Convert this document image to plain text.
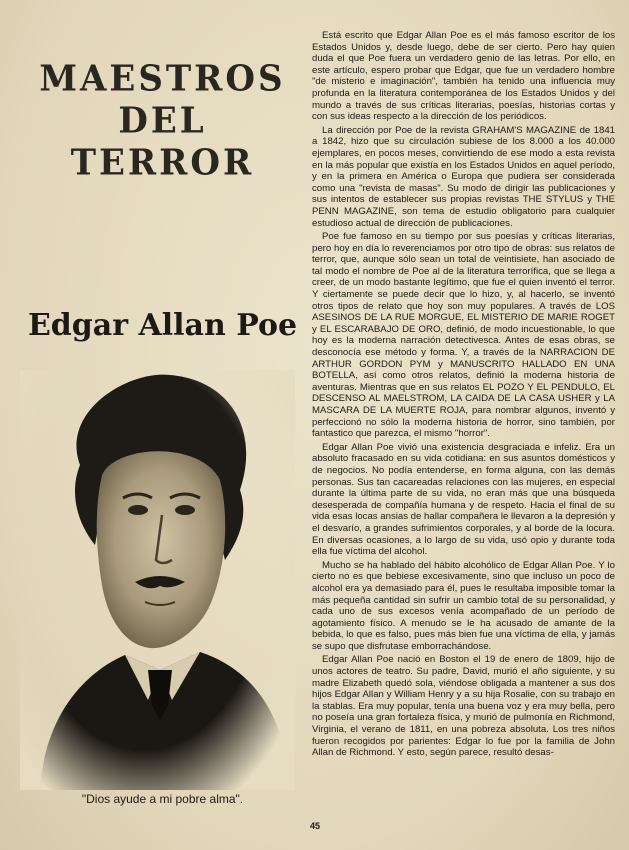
MAESTROS
DEL
TERROR
Edgar Allan Poe
"Dios ayude a mi pobre alma".

Está escrito que Edgar Allan Poe es el más famoso escritor de los Estados Unidos y, desde luego, debe de ser cierto. Pero hay quien duda el que Poe fuera un verdadero genio de las letras. Por ello, en este artículo, espero probar que Edgar, que fue un verdadero hombre "de misterio e imaginación", también ha tenido una influencia muy profunda en la literatura contemporánea de los Estados Unidos y del mundo a través de sus críticas literarias, poesías, historias cortas y con sus ideas respecto a la dirección de los periódicos.

La dirección por Poe de la revista GRAHAM'S MAGAZINE de 1841 a 1842, hizo que su circulación subiese de los 8.000 a los 40.000 ejemplares, en pocos meses, convirtiendo de ese modo a esta revista en la más popular que existía en los Estados Unidos en aquel período, y en la primera en América o Europa que pudiera ser considerada como una "revista de masas". Su modo de dirigir las publicaciones y sus intentos de establecer sus propias revistas THE STYLUS y THE PENN MAGAZINE, son tema de estudio obligatorio para cualquier estudioso actual de dirección de publicaciones.

Poe fue famoso en su tiempo por sus poesías y críticas literarias, pero hoy en día lo reverenciamos por otro tipo de obras: sus relatos de terror, que, aunque sólo sean un total de veintisiete, han asociado de tal modo el nombre de Poe al de la literatura terrorífica, que se llega a creer, de un modo bastante legítimo, que fue el quien inventó el terror. Y ciertamente se puede decir que lo hizo, y, al hacerlo, se inventó otros tipos de relato que hoy son muy populares. A través de LOS ASESINOS DE LA RUE MORGUE, EL MISTERIO DE MARIE ROGET y EL ESCARABAJO DE ORO, definió, de modo incuestionable, lo que hoy es la moderna narración detectivesca. Antes de esas obras, se desconocía ese método y forma. Y, a través de la NARRACION DE ARTHUR GORDON PYM y MANUSCRITO HALLADO EN UNA BOTELLA, así como otros relatos, definió la moderna historia de aventuras. Mientras que en sus relatos EL POZO Y EL PENDULO, EL DESCENSO AL MAELSTROM, LA CAIDA DE LA CASA USHER y LA MASCARA DE LA MUERTE ROJA, para nombrar algunos, inventó y perfeccionó no sólo la moderna historia de horror, sino también, por fantastico que parezca, el mismo "horror".

Edgar Allan Poe vivió una existencia desgraciada e infeliz. Era un absoluto fracasado en su vida cotidiana: en sus asuntos domésticos y de negocios. No podía entenderse, en forma alguna, con las demás personas. Sus tan cacareadas relaciones con las mujeres, en especial durante la última parte de su vida, no eran más que una búsqueda desesperada de compañía humana y de respeto. Hacia el final de su vida esas locas ansias de hallar compañera le llevaron a la depresión y el desvarío, a grandes sufrimientos corporales, y al borde de la locura. En diversas ocasiones, a lo largo de su vida, usó opio y durante toda ella fue víctima del alcohol.

Mucho se ha hablado del hábito alcohólico de Edgar Allan Poe. Y lo cierto no es que bebiese excesivamente, sino que incluso un poco de alcohol era ya demasiado para él, pues le resultaba imposible tomar la más pequeña cantidad sin sufrir un cambio total de su personalidad, y cada uno de sus excesos venía acompañado de un período de agotamiento físico. A menudo se le ha acusado de amante de la bebida, lo que es falso, pues más bien fue una víctima de ella, y jamás se supo que disfrutase emborrachándose.

Edgar Allan Poe nació en Boston el 19 de enero de 1809, hijo de unos actores de teatro. Su padre, David, murió el año siguiente, y su madre Elizabeth quedó sola, viéndose obligada a mantener a sus dos hijos Edgar Allan y William Henry y a su hija Rosalie, con su trabajo en la stablas. Era muy popular, tenía una buena voz y era muy bella, pero no poseía una gran fortaleza física, y murió de pulmonía en Richmond, Virginia, el verano de 1811, en una pobreza absoluta. Los tres niños fueron recogidos por parientes: Edgar lo fue por la familia de John Allan de Richmond. Y esto, según parece, resultó desas-

45
